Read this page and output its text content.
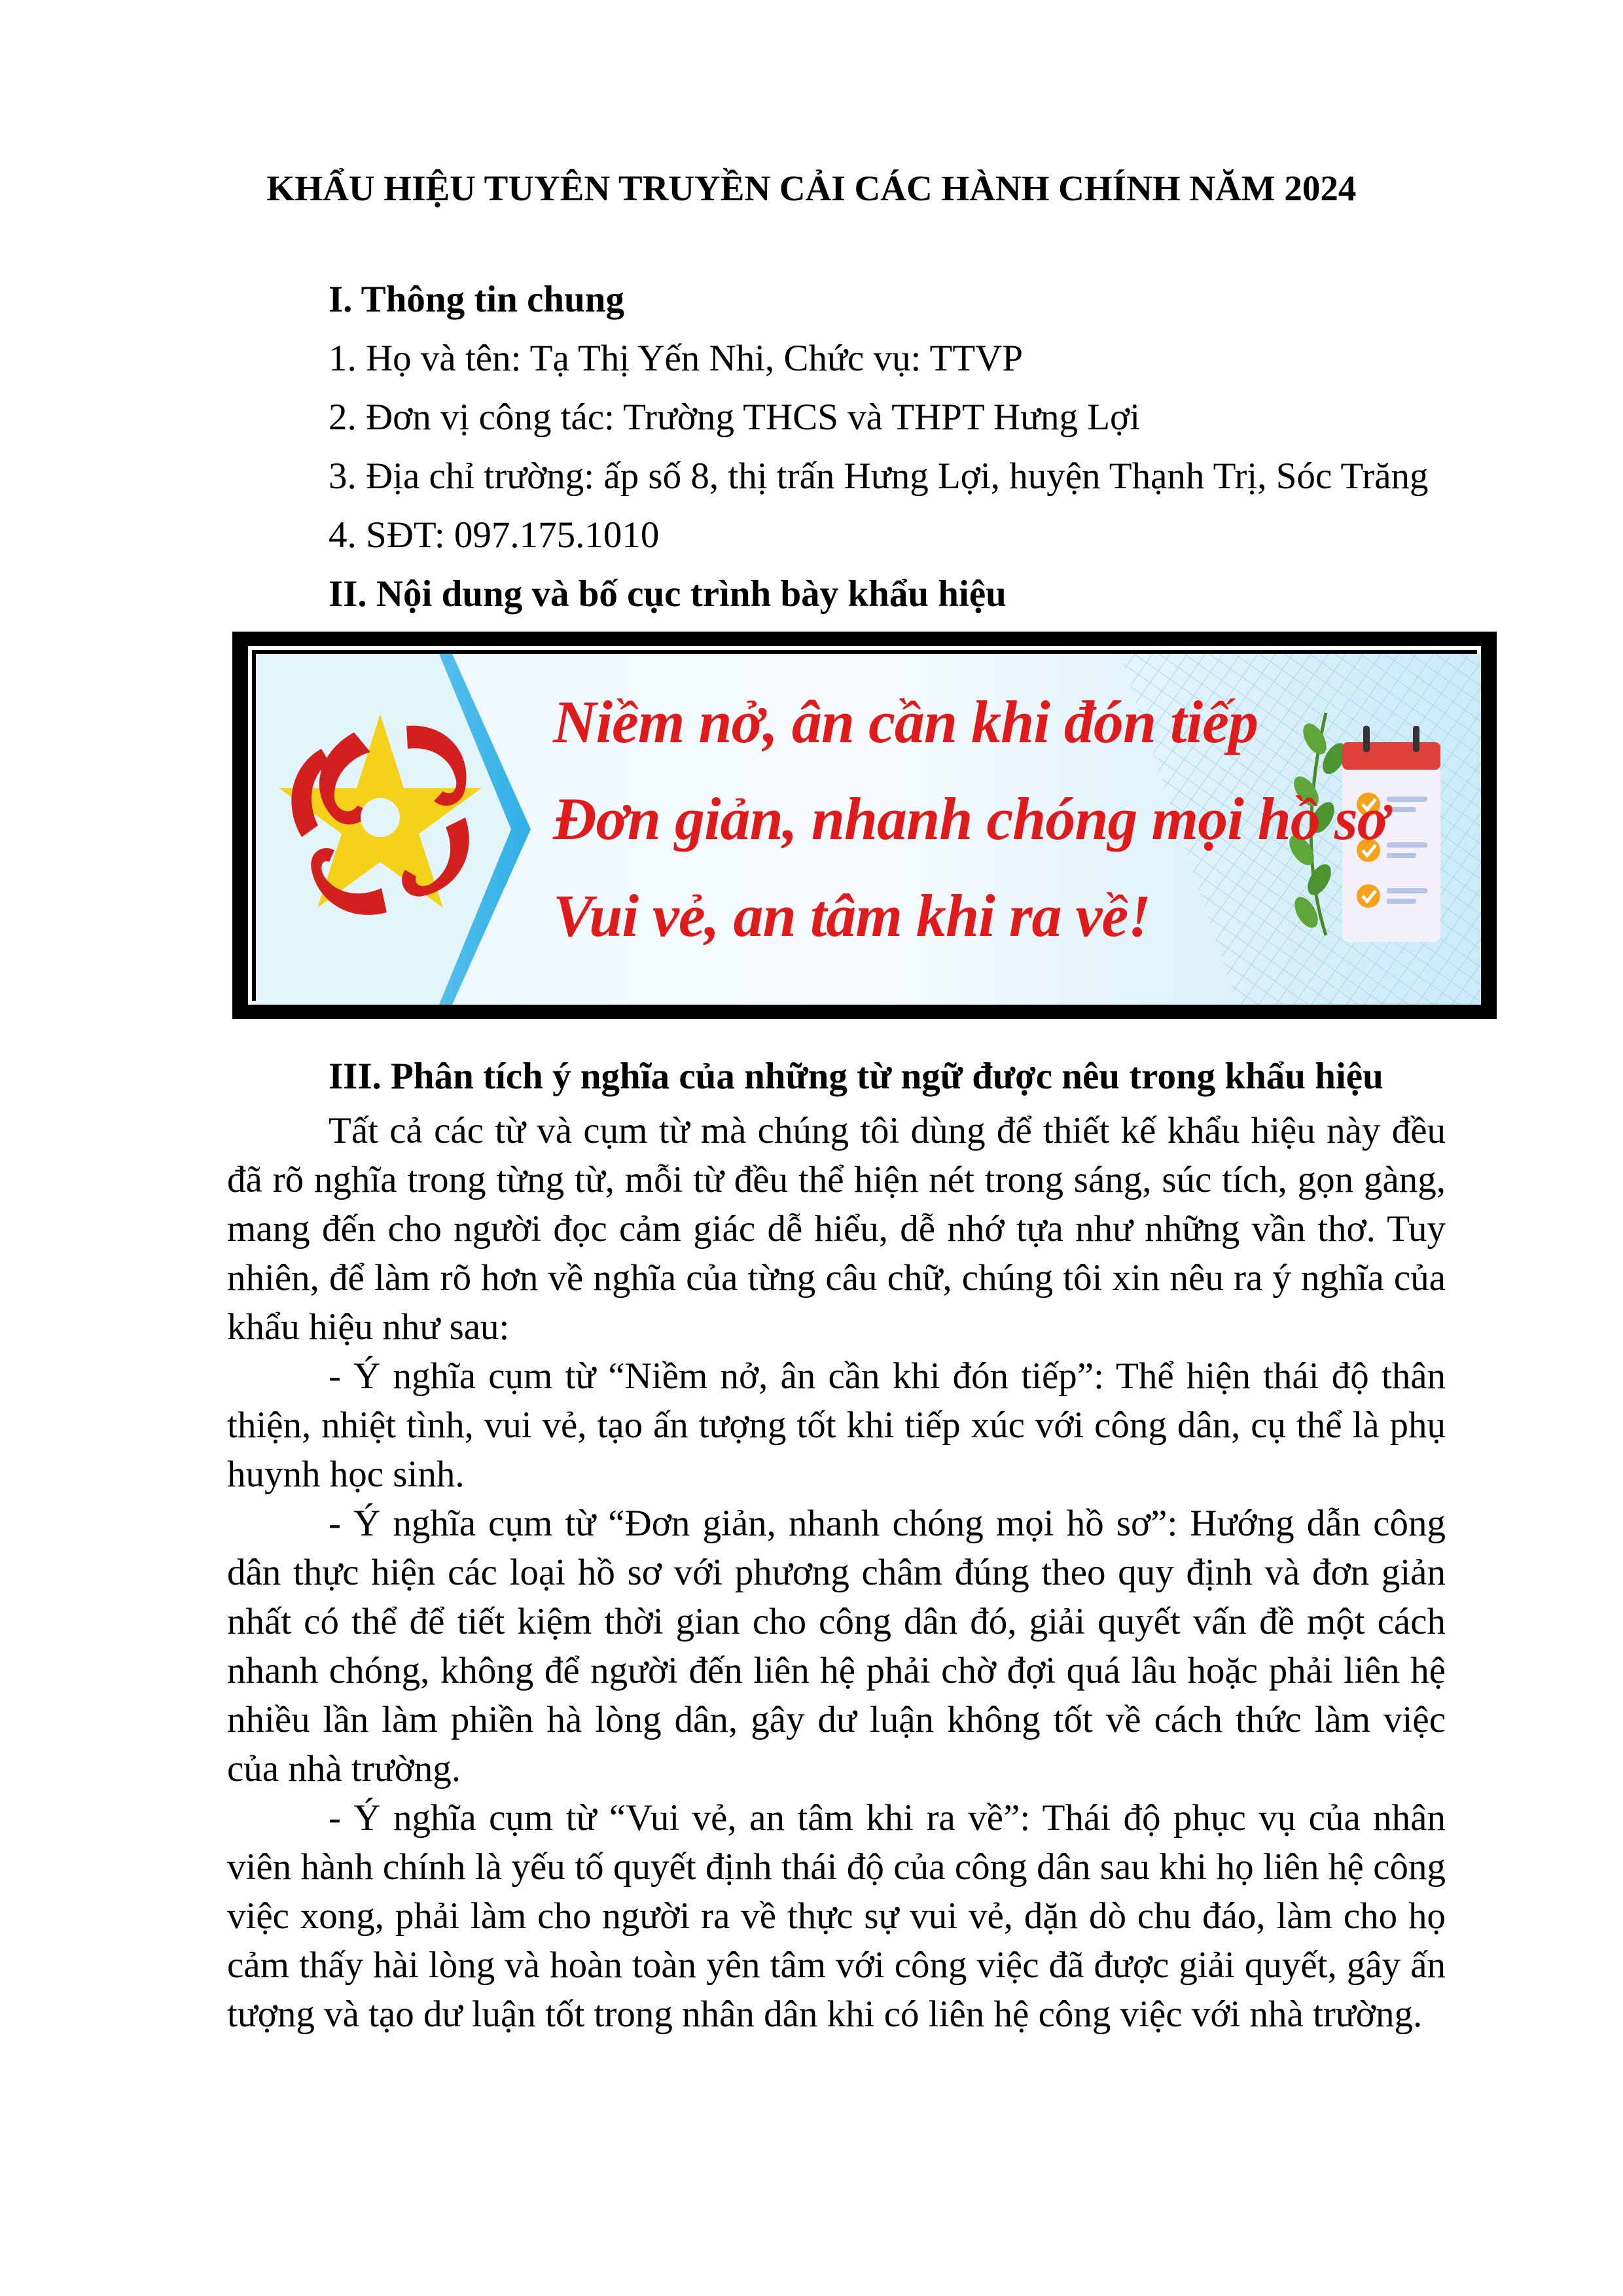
KHẨU HIỆU TUYÊN TRUYỀN CẢI CÁC HÀNH CHÍNH NĂM 2024
I. Thông tin chung
1. Họ và tên: Tạ Thị Yến Nhi, Chức vụ: TTVP
2. Đơn vị công tác: Trường THCS và THPT Hưng Lợi
3. Địa chỉ trường: ấp số 8, thị trấn Hưng Lợi, huyện Thạnh Trị, Sóc Trăng
4. SĐT: 097.175.1010
II. Nội dung và bố cục trình bày khẩu hiệu
Niềm nở, ân cần khi đón tiếp
Đơn giản, nhanh chóng mọi hồ sơ
Vui vẻ, an tâm khi ra về!
III. Phân tích ý nghĩa của những từ ngữ được nêu trong khẩu hiệu

Tất cả các từ và cụm từ mà chúng tôi dùng để thiết kế khẩu hiệu này đều đã rõ nghĩa trong từng từ, mỗi từ đều thể hiện nét trong sáng, súc tích, gọn gàng, mang đến cho người đọc cảm giác dễ hiểu, dễ nhớ tựa như những vần thơ. Tuy nhiên, để làm rõ hơn về nghĩa của từng câu chữ, chúng tôi xin nêu ra ý nghĩa của khẩu hiệu như sau:

- Ý nghĩa cụm từ “Niềm nở, ân cần khi đón tiếp”: Thể hiện thái độ thân thiện, nhiệt tình, vui vẻ, tạo ấn tượng tốt khi tiếp xúc với công dân, cụ thể là phụ huynh học sinh.

- Ý nghĩa cụm từ “Đơn giản, nhanh chóng mọi hồ sơ”: Hướng dẫn công dân thực hiện các loại hồ sơ với phương châm đúng theo quy định và đơn giản nhất có thể để tiết kiệm thời gian cho công dân đó, giải quyết vấn đề một cách nhanh chóng, không để người đến liên hệ phải chờ đợi quá lâu hoặc phải liên hệ nhiều lần làm phiền hà lòng dân, gây dư luận không tốt về cách thức làm việc của nhà trường.

- Ý nghĩa cụm từ “Vui vẻ, an tâm khi ra về”: Thái độ phục vụ của nhân viên hành chính là yếu tố quyết định thái độ của công dân sau khi họ liên hệ công việc xong, phải làm cho người ra về thực sự vui vẻ, dặn dò chu đáo, làm cho họ cảm thấy hài lòng và hoàn toàn yên tâm với công việc đã được giải quyết, gây ấn tượng và tạo dư luận tốt trong nhân dân khi có liên hệ công việc với nhà trường.
